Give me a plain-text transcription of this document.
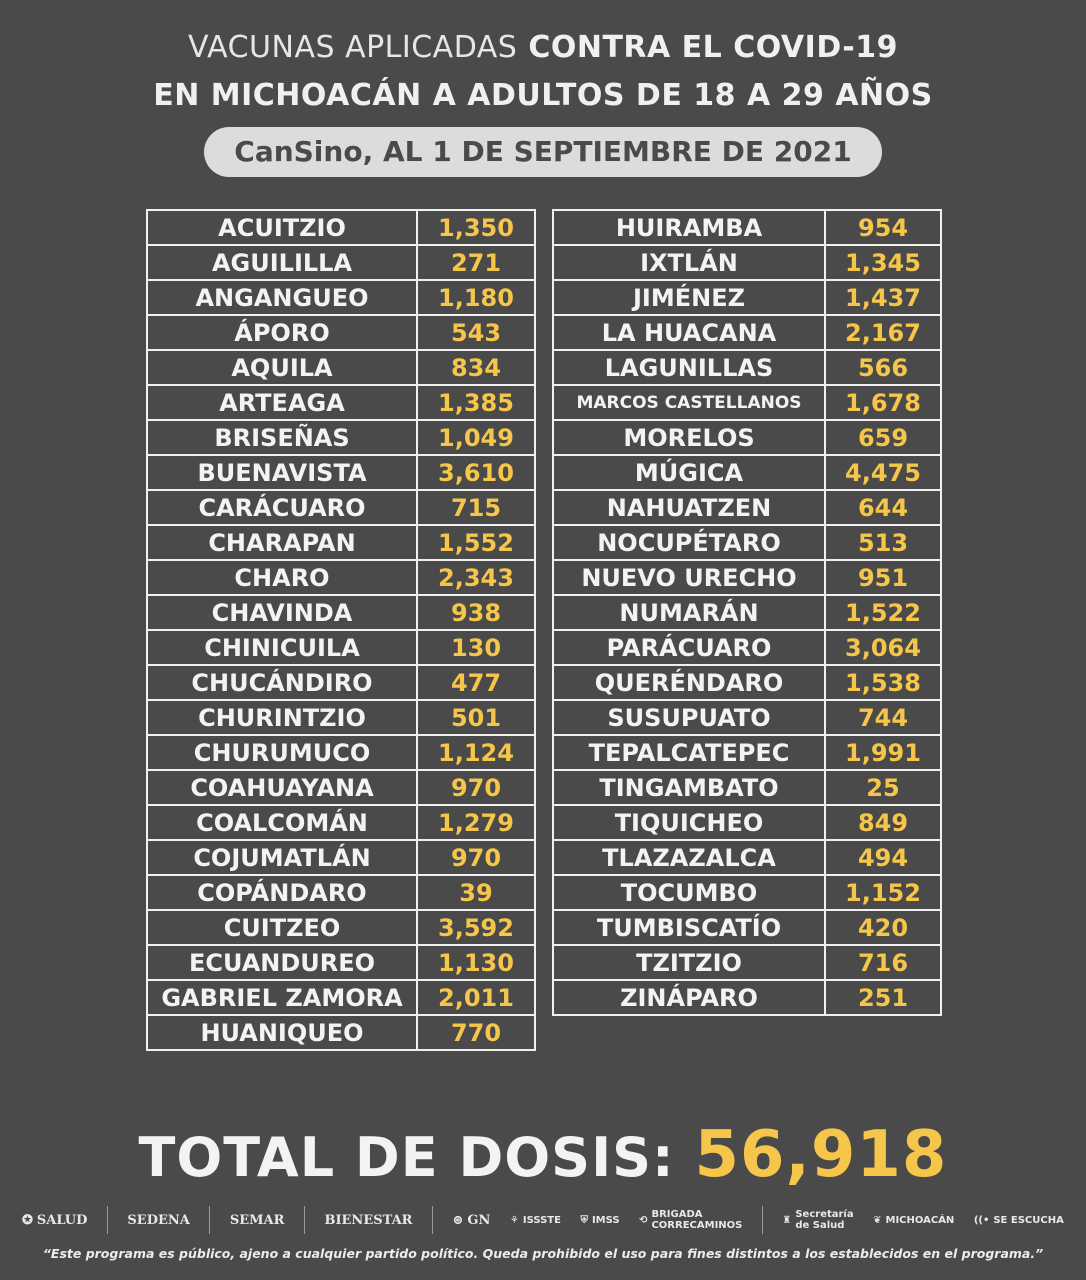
VACUNAS APLICADAS CONTRA EL COVID-19
EN MICHOACÁN A ADULTOS DE 18 A 29 AÑOS
CanSino, AL 1 DE SEPTIEMBRE DE 2021
ACUITZIO	1,350
AGUILILLA	271
ANGANGUEO	1,180
ÁPORO	543
AQUILA	834
ARTEAGA	1,385
BRISEÑAS	1,049
BUENAVISTA	3,610
CARÁCUARO	715
CHARAPAN	1,552
CHARO	2,343
CHAVINDA	938
CHINICUILA	130
CHUCÁNDIRO	477
CHURINTZIO	501
CHURUMUCO	1,124
COAHUAYANA	970
COALCOMÁN	1,279
COJUMATLÁN	970
COPÁNDARO	39
CUITZEO	3,592
ECUANDUREO	1,130
GABRIEL ZAMORA	2,011
HUANIQUEO	770
HUIRAMBA	954
IXTLÁN	1,345
JIMÉNEZ	1,437
LA HUACANA	2,167
LAGUNILLAS	566
MARCOS CASTELLANOS	1,678
MORELOS	659
MÚGICA	4,475
NAHUATZEN	644
NOCUPÉTARO	513
NUEVO URECHO	951
NUMARÁN	1,522
PARÁCUARO	3,064
QUERÉNDARO	1,538
SUSUPUATO	744
TEPALCATEPEC	1,991
TINGAMBATO	25
TIQUICHEO	849
TLAZAZALCA	494
TOCUMBO	1,152
TUMBISCATÍO	420
TZITZIO	716
ZINÁPARO	251
TOTAL DE DOSIS: 56,918
✪ SALUD	SEDENA	SEMAR	BIENESTAR	⊛ GN ⚘ ISSSTE ⛨ IMSS ⟲ BRIGADA
CORRECAMINOS	♜ Secretaría
de Salud	❦ MICHOACÁN ((• SE ESCUCHA
“Este programa es público, ajeno a cualquier partido político. Queda prohibido el uso para fines distintos a los establecidos en el programa.”
